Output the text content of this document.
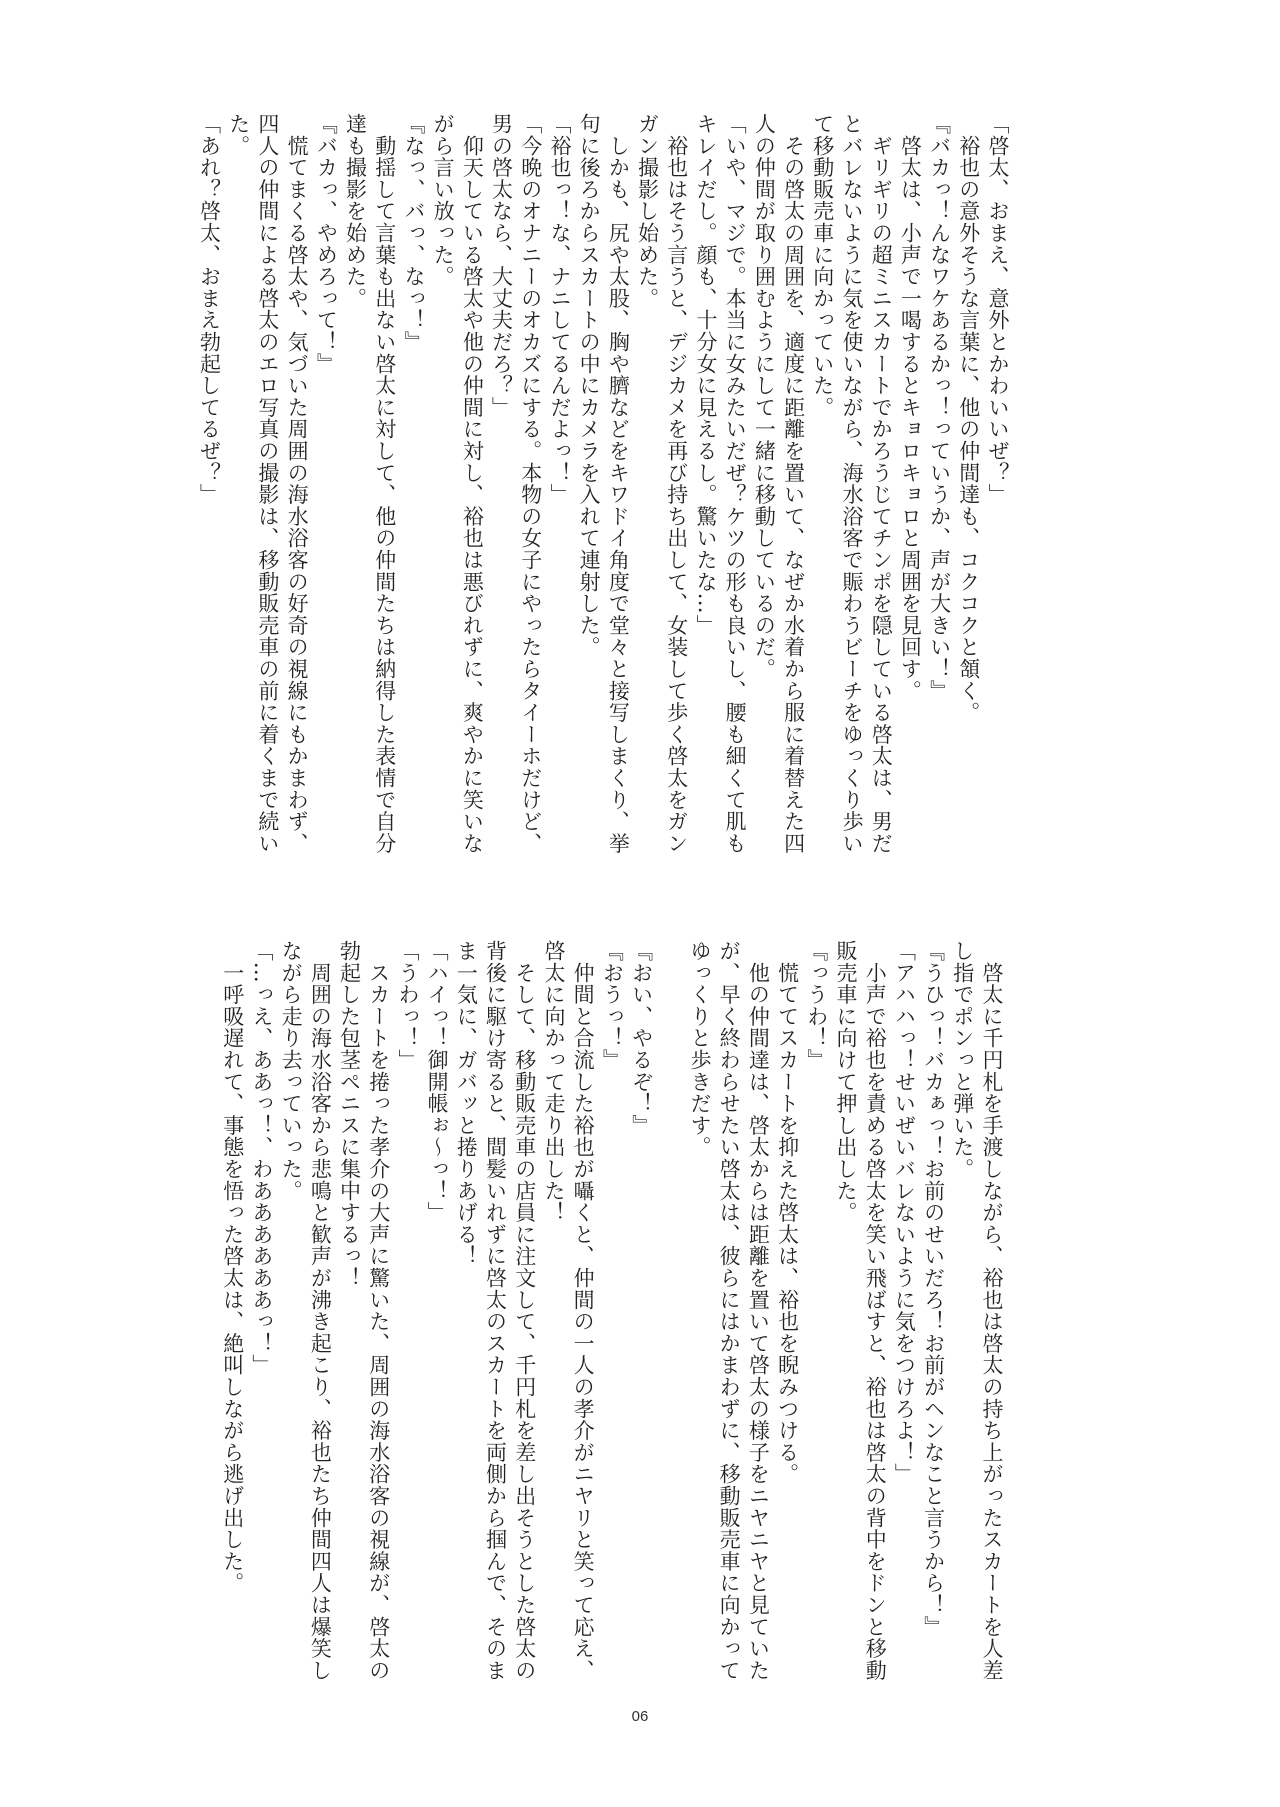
「啓太、おまえ、意外とかわいいぜ？」
　裕也の意外そうな言葉に、他の仲間達も、コクコクと頷く。
『バカっ！んなワケあるかっ！っていうか、声が大きい！』
　啓太は、小声で一喝するとキョロキョロと周囲を見回す。
　ギリギリの超ミニスカートでかろうじてチンポを隠している啓太は、男だ
とバレないように気を使いながら、海水浴客で賑わうビーチをゆっくり歩い
て移動販売車に向かっていた。
　その啓太の周囲を、適度に距離を置いて、なぜか水着から服に着替えた四
人の仲間が取り囲むようにして一緒に移動しているのだ。
「いや、マジで。本当に女みたいだぜ？ケツの形も良いし、腰も細くて肌も
キレイだし。顔も、十分女に見えるし。驚いたな…」
　裕也はそう言うと、デジカメを再び持ち出して、女装して歩く啓太をガン
ガン撮影し始めた。
　しかも、尻や太股、胸や臍などをキワドイ角度で堂々と接写しまくり、挙
句に後ろからスカートの中にカメラを入れて連射した。
「裕也っ！な、ナニしてるんだよっ！」
「今晩のオナニーのオカズにする。本物の女子にやったらタイーホだけど、
男の啓太なら、大丈夫だろ？」
　仰天している啓太や他の仲間に対し、裕也は悪びれずに、爽やかに笑いな
がら言い放った。
『なっ、バっ、なっ！』
　動揺して言葉も出ない啓太に対して、他の仲間たちは納得した表情で自分
達も撮影を始めた。
『バカっ、やめろって！』
　慌てまくる啓太や、気づいた周囲の海水浴客の好奇の視線にもかまわず、
四人の仲間による啓太のエロ写真の撮影は、移動販売車の前に着くまで続い
た。
「あれ？啓太、おまえ勃起してるぜ？」
　啓太に千円札を手渡しながら、裕也は啓太の持ち上がったスカートを人差
し指でポンっと弾いた。
『うひっ！バカぁっ！お前のせいだろ！お前がヘンなこと言うから！』
「アハハっ！せいぜいバレないように気をつけろよ！」
　小声で裕也を責める啓太を笑い飛ばすと、裕也は啓太の背中をドンと移動
販売車に向けて押し出した。
『っうわ！』
　慌ててスカートを抑えた啓太は、裕也を睨みつける。
　他の仲間達は、啓太からは距離を置いて啓太の様子をニヤニヤと見ていた
が、早く終わらせたい啓太は、彼らにはかまわずに、移動販売車に向かって
ゆっくりと歩きだす。

『おい、やるぞ！』
『おうっ！』
　仲間と合流した裕也が囁くと、仲間の一人の孝介がニヤリと笑って応え、
啓太に向かって走り出した！
　そして、移動販売車の店員に注文して、千円札を差し出そうとした啓太の
背後に駆け寄ると、間髪いれずに啓太のスカートを両側から掴んで、そのま
ま一気に、ガバッと捲りあげる！
「ハイっ！御開帳ぉ～っ！」
「うわっ！」
　スカートを捲った孝介の大声に驚いた、周囲の海水浴客の視線が、啓太の
勃起した包茎ペニスに集中するっ！
　周囲の海水浴客から悲鳴と歓声が沸き起こり、裕也たち仲間四人は爆笑し
ながら走り去っていった。
「…っえ、ああっ！、わああああああっ！」
　一呼吸遅れて、事態を悟った啓太は、絶叫しながら逃げ出した。
06
